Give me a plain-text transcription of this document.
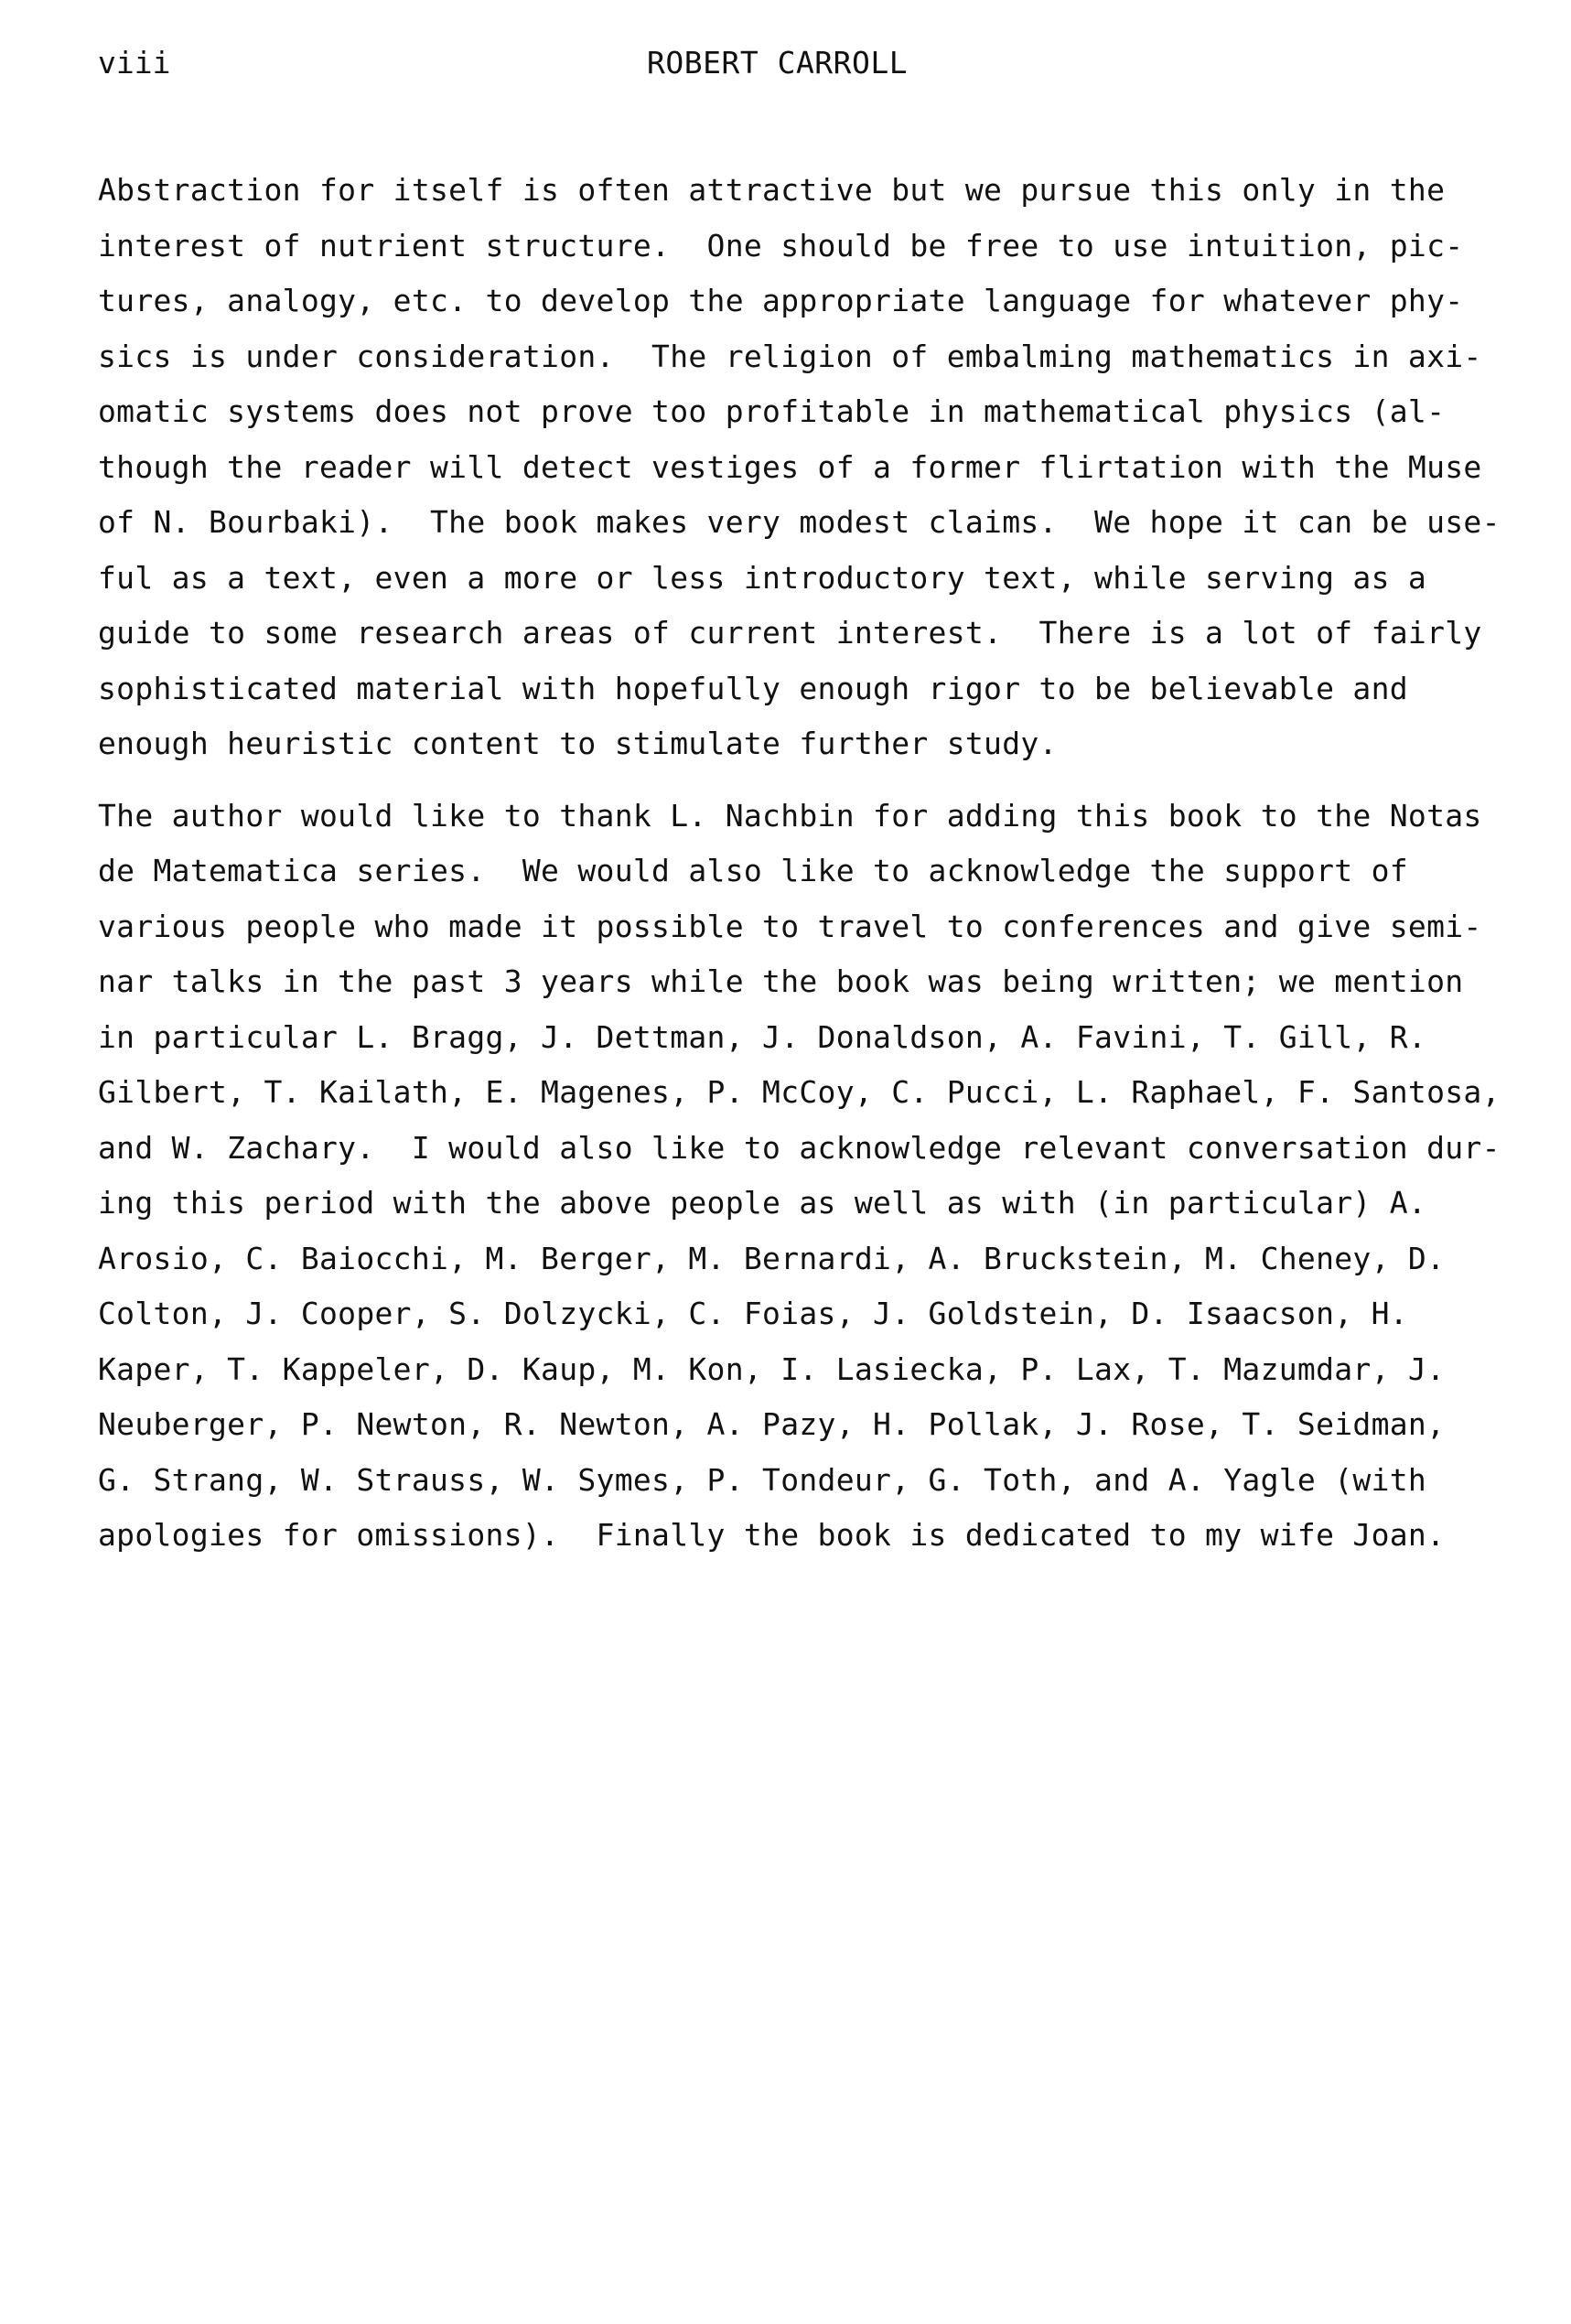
viii	ROBERT CARROLL
Abstraction for itself is often attractive but we pursue this only in the
interest of nutrient structure.  One should be free to use intuition, pic-
tures, analogy, etc. to develop the appropriate language for whatever phy-
sics is under consideration.  The religion of embalming mathematics in axi-
omatic systems does not prove too profitable in mathematical physics (al-
though the reader will detect vestiges of a former flirtation with the Muse
of N. Bourbaki).  The book makes very modest claims.  We hope it can be use-
ful as a text, even a more or less introductory text, while serving as a
guide to some research areas of current interest.  There is a lot of fairly
sophisticated material with hopefully enough rigor to be believable and
enough heuristic content to stimulate further study.
The author would like to thank L. Nachbin for adding this book to the Notas
de Matematica series.  We would also like to acknowledge the support of
various people who made it possible to travel to conferences and give semi-
nar talks in the past 3 years while the book was being written; we mention
in particular L. Bragg, J. Dettman, J. Donaldson, A. Favini, T. Gill, R.
Gilbert, T. Kailath, E. Magenes, P. McCoy, C. Pucci, L. Raphael, F. Santosa,
and W. Zachary.  I would also like to acknowledge relevant conversation dur-
ing this period with the above people as well as with (in particular) A.
Arosio, C. Baiocchi, M. Berger, M. Bernardi, A. Bruckstein, M. Cheney, D.
Colton, J. Cooper, S. Dolzycki, C. Foias, J. Goldstein, D. Isaacson, H.
Kaper, T. Kappeler, D. Kaup, M. Kon, I. Lasiecka, P. Lax, T. Mazumdar, J.
Neuberger, P. Newton, R. Newton, A. Pazy, H. Pollak, J. Rose, T. Seidman,
G. Strang, W. Strauss, W. Symes, P. Tondeur, G. Toth, and A. Yagle (with
apologies for omissions).  Finally the book is dedicated to my wife Joan.
